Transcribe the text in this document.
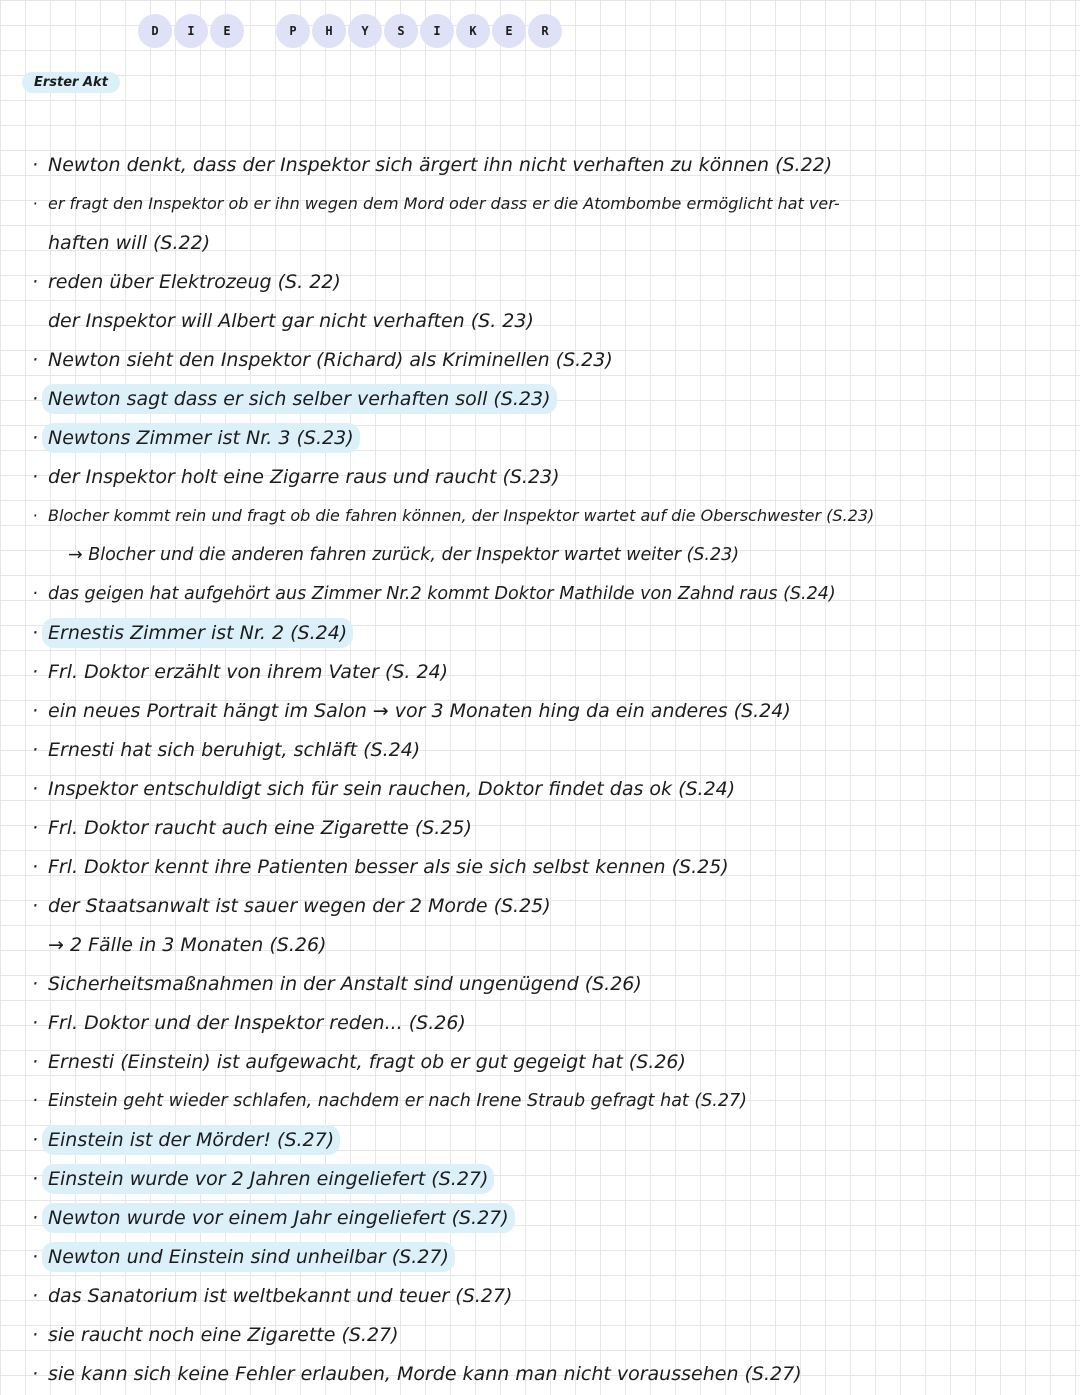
D	I	E	P	H	Y	S	I	K	E	R
Erster Akt
· Newton denkt, dass der Inspektor sich ärgert ihn nicht verhaften zu können (S.22)
· er fragt den Inspektor ob er ihn wegen dem Mord oder dass er die Atombombe ermöglicht hat ver-
haften will (S.22)
· reden über Elektrozeug (S. 22)
der Inspektor will Albert gar nicht verhaften (S. 23)
· Newton sieht den Inspektor (Richard) als Kriminellen (S.23)
· Newton sagt dass er sich selber verhaften soll (S.23)
· Newtons Zimmer ist Nr. 3 (S.23)
· der Inspektor holt eine Zigarre raus und raucht (S.23)
· Blocher kommt rein und fragt ob die fahren können, der Inspektor wartet auf die Oberschwester (S.23)
→ Blocher und die anderen fahren zurück, der Inspektor wartet weiter (S.23)
· das geigen hat aufgehört aus Zimmer Nr.2 kommt Doktor Mathilde von Zahnd raus (S.24)
· Ernestis Zimmer ist Nr. 2 (S.24)
· Frl. Doktor erzählt von ihrem Vater (S. 24)
· ein neues Portrait hängt im Salon → vor 3 Monaten hing da ein anderes (S.24)
· Ernesti hat sich beruhigt, schläft (S.24)
· Inspektor entschuldigt sich für sein rauchen, Doktor findet das ok (S.24)
· Frl. Doktor raucht auch eine Zigarette (S.25)
· Frl. Doktor kennt ihre Patienten besser als sie sich selbst kennen (S.25)
· der Staatsanwalt ist sauer wegen der 2 Morde (S.25)
→ 2 Fälle in 3 Monaten (S.26)
· Sicherheitsmaßnahmen in der Anstalt sind ungenügend (S.26)
· Frl. Doktor und der Inspektor reden... (S.26)
· Ernesti (Einstein) ist aufgewacht, fragt ob er gut gegeigt hat (S.26)
· Einstein geht wieder schlafen, nachdem er nach Irene Straub gefragt hat (S.27)
· Einstein ist der Mörder! (S.27)
· Einstein wurde vor 2 Jahren eingeliefert (S.27)
· Newton wurde vor einem Jahr eingeliefert (S.27)
· Newton und Einstein sind unheilbar (S.27)
· das Sanatorium ist weltbekannt und teuer (S.27)
· sie raucht noch eine Zigarette (S.27)
· sie kann sich keine Fehler erlauben, Morde kann man nicht voraussehen (S.27)
